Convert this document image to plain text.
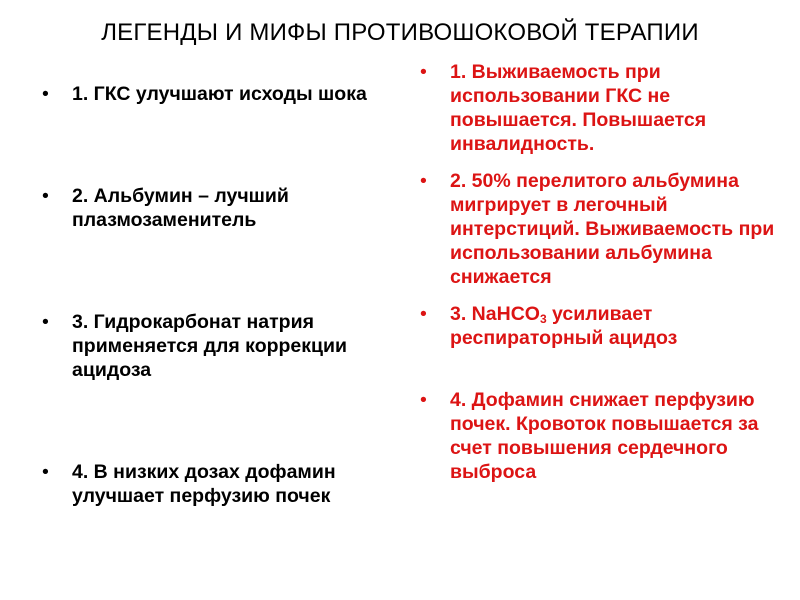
ЛЕГЕНДЫ И МИФЫ ПРОТИВОШОКОВОЙ ТЕРАПИИ
• 1. ГКС улучшают исходы шока
• 2. Альбумин – лучший плазмозаменитель
• 3. Гидрокарбонат натрия применяется для коррекции ацидоза
• 4. В низких дозах дофамин улучшает перфузию почек
• 1. Выживаемость при использовании ГКС не повышается. Повышается инвалидность.
• 2. 50% перелитого альбумина мигрирует в легочный интерстиций. Выживаемость при использовании альбумина снижается
• 3. NaHCO$_3$ усиливает респираторный ацидоз
• 4. Дофамин снижает перфузию почек. Кровоток повышается за счет повышения сердечного выброса
